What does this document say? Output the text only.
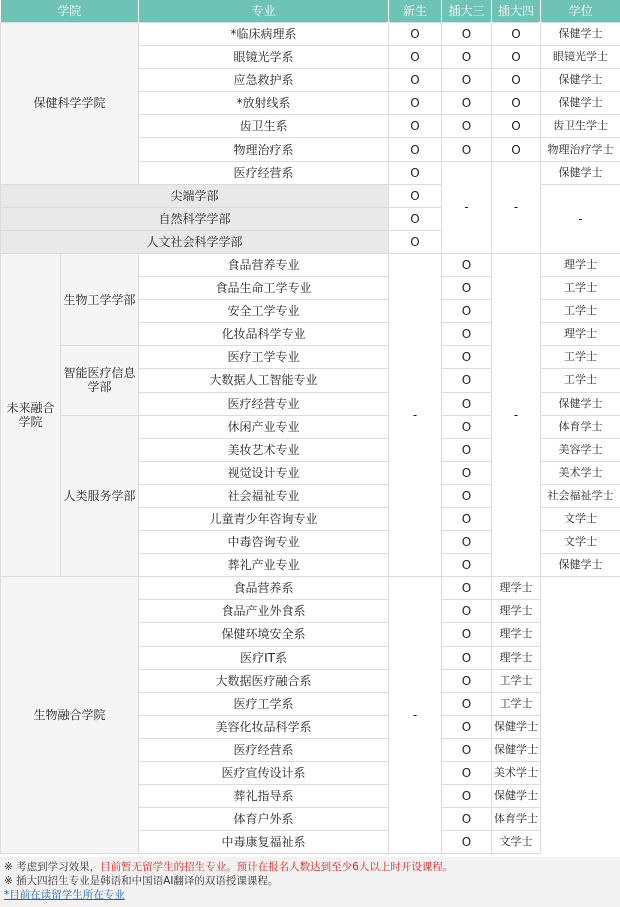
学院		专业	新生	插大三	插大四	学位
保健科学学院		*临床病理系	O	O	O	保健学士
		眼镜光学系	O	O	O	眼镜光学士
		应急救护系	O	O	O	保健学士
		*放射线系	O	O	O	保健学士
		齿卫生系	O	O	O	齿卫生学士
		物理治疗系	O	O	O	物理治疗学士
		医疗经营系	O	-	-	保健学士
尖端学部			O			-
自然科学学部			O			
人文社会科学学部			O			
未来融合学院	生物工学学部	食品营养专业	-	O	-	理学士
		食品生命工学专业		O		工学士
		安全工学专业		O		工学士
		化妆品科学专业		O		理学士
	智能医疗信息学部	医疗工学专业		O		工学士
		大数据人工智能专业		O		工学士
		医疗经营专业		O		保健学士
	人类服务学部	休闲产业专业		O		体育学士
		美妆艺术专业		O		美容学士
		视觉设计专业		O		美术学士
		社会福祉专业		O		社会福祉学士
		儿童青少年咨询专业		O		文学士
		中毒咨询专业		O		文学士
		葬礼产业专业		O		保健学士
生物融合学院		食品营养系	-	O	理学士	
		食品产业外食系		O	理学士	
		保健环境安全系		O	理学士	
		医疗IT系		O	理学士	
		大数据医疗融合系		O	工学士	
		医疗工学系		O	工学士	
		美容化妆品科学系		O	保健学士	
		医疗经营系		O	保健学士	
		医疗宣传设计系		O	美术学士	
		葬礼指导系		O	保健学士	
		体育户外系		O	体育学士	
		中毒康复福祉系		O	文学士	
※ 考虑到学习效果，目前暂无留学生的招生专业。预计在报名人数达到至少6人以上时开设课程。
※ 插大四招生专业是韩语和中国语AI翻译的双语授课课程。
*目前在读留学生所在专业
